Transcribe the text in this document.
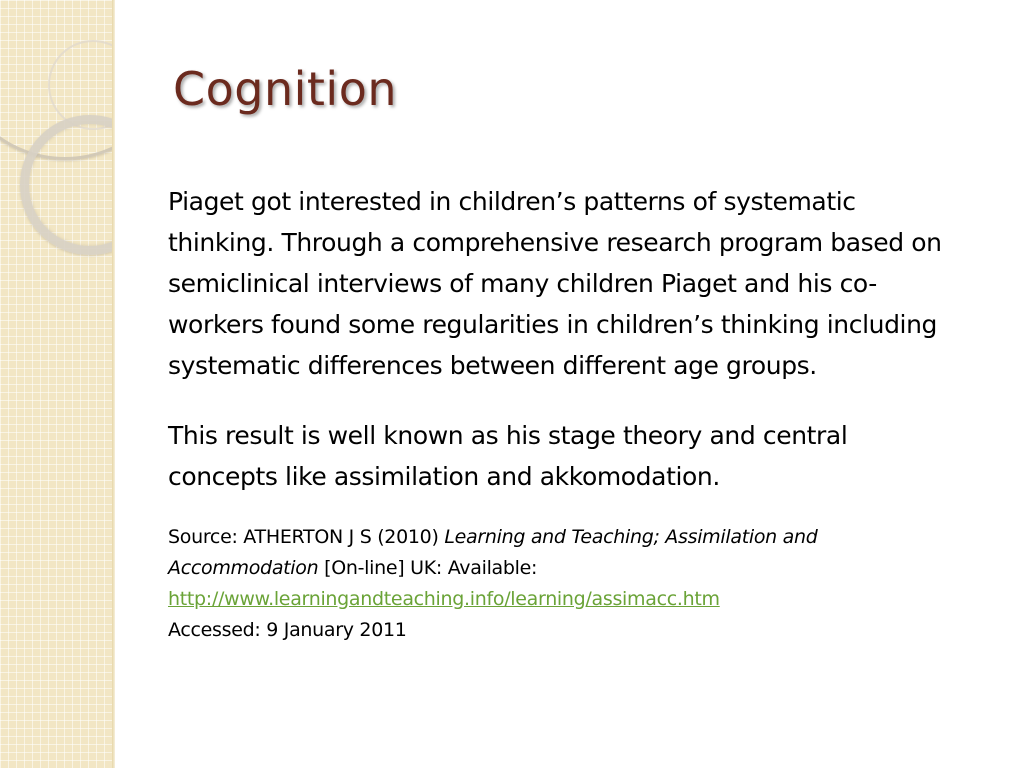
Cognition

Piaget got interested in children’s patterns of systematic thinking. Through a comprehensive research program based on semiclinical interviews of many children Piaget and his co-workers found some regularities in children’s thinking including systematic differences between different age groups.

This result is well known as his stage theory and central concepts like assimilation and akkomodation.

Source: ATHERTON J S (2010) Learning and Teaching; Assimilation and Accommodation [On-line] UK: Available:
http://www.learningandteaching.info/learning/assimacc.htm
Accessed: 9 January 2011
